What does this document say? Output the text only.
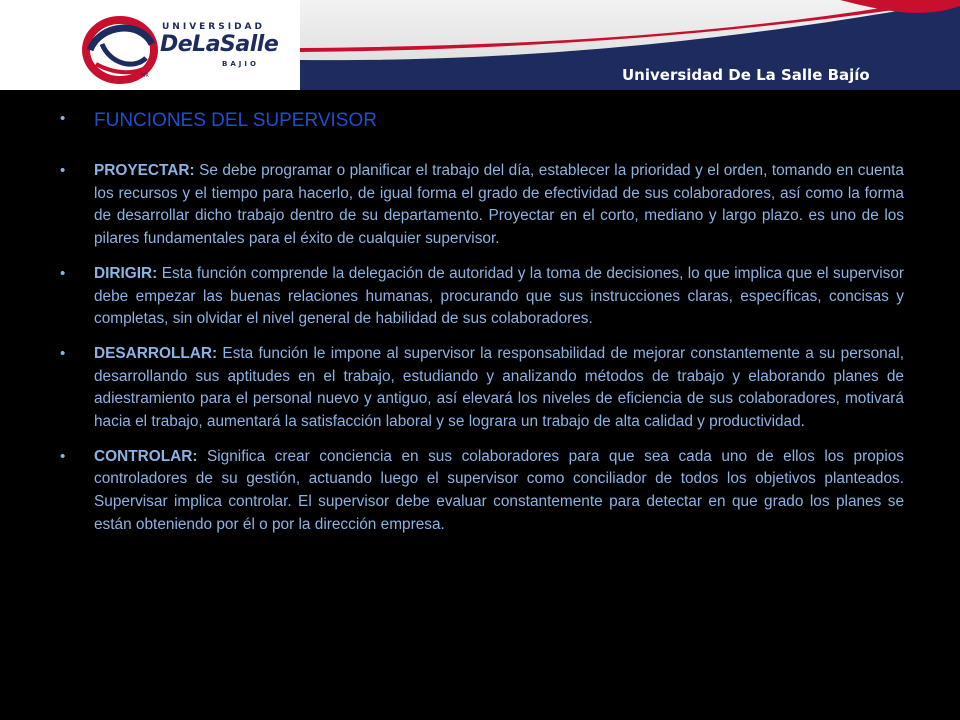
UNIVERSIDAD
DeLaSalle
BAJIO
MR	Universidad De La Salle Bajío
• FUNCIONES DEL SUPERVISOR
• PROYECTAR: Se debe programar o planificar el trabajo del día, establecer la prioridad y el orden, tomando en cuenta los recursos y el tiempo para hacerlo, de igual forma el grado de efectividad de sus colaboradores, así como la forma de desarrollar dicho trabajo dentro de su departamento. Proyectar en el corto, mediano y largo plazo. es uno de los pilares fundamentales para el éxito de cualquier supervisor.
• DIRIGIR: Esta función comprende la delegación de autoridad y la toma de decisiones, lo que implica que el supervisor debe empezar las buenas relaciones humanas, procurando que sus instrucciones claras, específicas, concisas y completas, sin olvidar el nivel general de habilidad de sus colaboradores.
• DESARROLLAR: Esta función le impone al supervisor la responsabilidad de mejorar constantemente a su personal, desarrollando sus aptitudes en el trabajo, estudiando y analizando métodos de trabajo y elaborando planes de adiestramiento para el personal nuevo y antiguo, así elevará los niveles de eficiencia de sus colaboradores, motivará hacia el trabajo, aumentará la satisfacción laboral y se lograra un trabajo de alta calidad y productividad.
• CONTROLAR: Significa crear conciencia en sus colaboradores para que sea cada uno de ellos los propios controladores de su gestión, actuando luego el supervisor como conciliador de todos los objetivos planteados. Supervisar implica controlar. El supervisor debe evaluar constantemente para detectar en que grado los planes se están obteniendo por él o por la dirección empresa.
